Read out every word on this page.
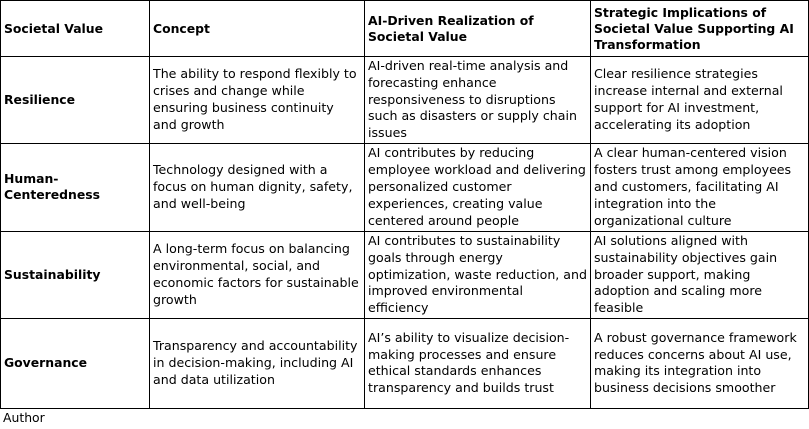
Societal Value	Concept	AI-Driven Realization of Societal Value	Strategic Implications of Societal Value Supporting AI Transformation
Resilience	The ability to respond flexibly to crises and change while ensuring business continuity and growth	AI-driven real-time analysis and forecasting enhance responsiveness to disruptions such as disasters or supply chain issues	Clear resilience strategies increase internal and external support for AI investment, accelerating its adoption
Human-Centeredness	Technology designed with a focus on human dignity, safety, and well-being	AI contributes by reducing employee workload and delivering personalized customer experiences, creating value centered around people	A clear human-centered vision fosters trust among employees and customers, facilitating AI integration into the organizational culture
Sustainability	A long-term focus on balancing environmental, social, and economic factors for sustainable growth	AI contributes to sustainability goals through energy optimization, waste reduction, and improved environmental efficiency	AI solutions aligned with sustainability objectives gain broader support, making adoption and scaling more feasible
Governance	Transparency and accountability in decision-making, including AI and data utilization	AI’s ability to visualize decision-making processes and ensure ethical standards enhances transparency and builds trust	A robust governance framework reduces concerns about AI use, making its integration into business decisions smoother
Author
